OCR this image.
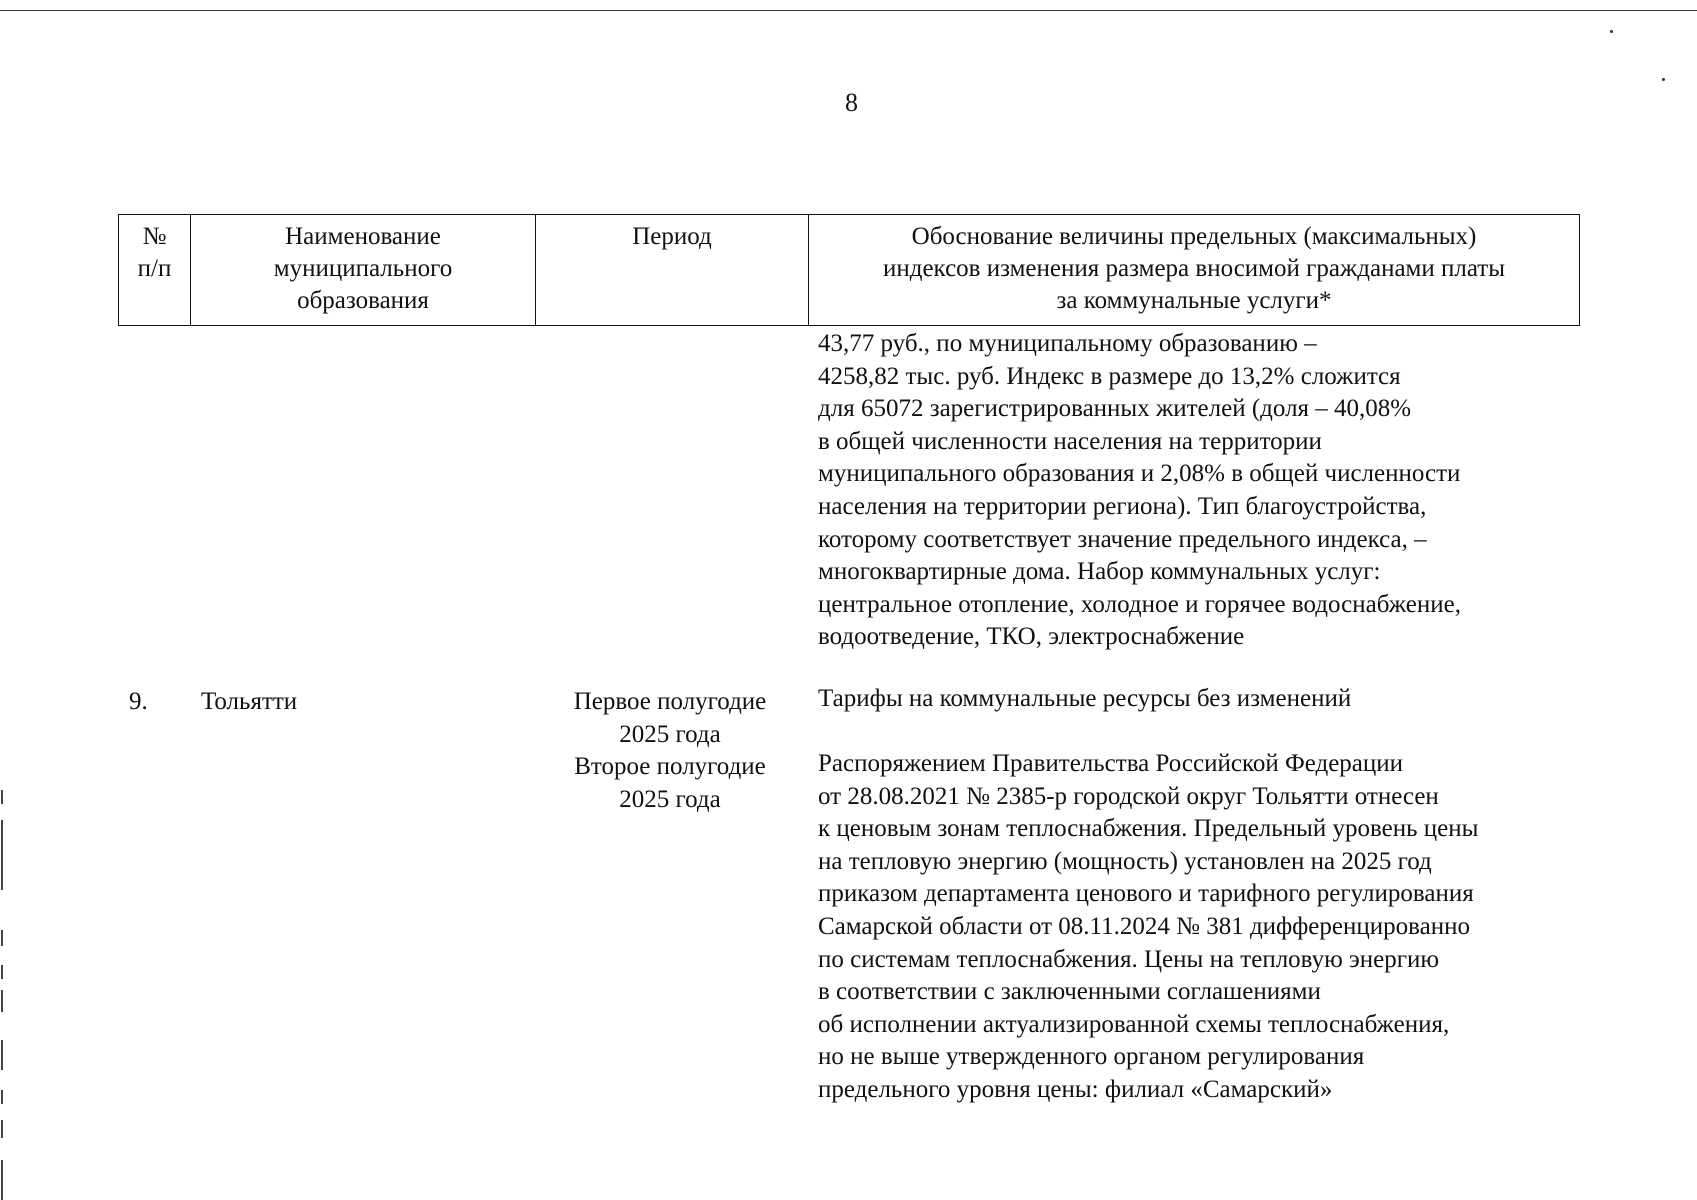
8
№
п/п
Наименование
муниципального
образования
Период	Обоснование величины предельных (максимальных)
индексов изменения размера вносимой гражданами платы
за коммунальные услуги*
43,77 руб., по муниципальному образованию –
4258,82 тыс. руб. Индекс в размере до 13,2% сложится
для 65072 зарегистрированных жителей (доля – 40,08%
в общей численности населения на территории
муниципального образования и 2,08% в общей численности
населения на территории региона). Тип благоустройства,
которому соответствует значение предельного индекса, –
многоквартирные дома. Набор коммунальных услуг:
центральное отопление, холодное и горячее водоснабжение,
водоотведение, ТКО, электроснабжение
9. Тольятти	Первое полугодие
2025 года
Второе полугодие
2025 года
Тарифы на коммунальные ресурсы без изменений
Распоряжением Правительства Российской Федерации
от 28.08.2021 № 2385-р городской округ Тольятти отнесен
к ценовым зонам теплоснабжения. Предельный уровень цены
на тепловую энергию (мощность) установлен на 2025 год
приказом департамента ценового и тарифного регулирования
Самарской области от 08.11.2024 № 381 дифференцированно
по системам теплоснабжения. Цены на тепловую энергию
в соответствии с заключенными соглашениями
об исполнении актуализированной схемы теплоснабжения,
но не выше утвержденного органом регулирования
предельного уровня цены: филиал «Самарский»
